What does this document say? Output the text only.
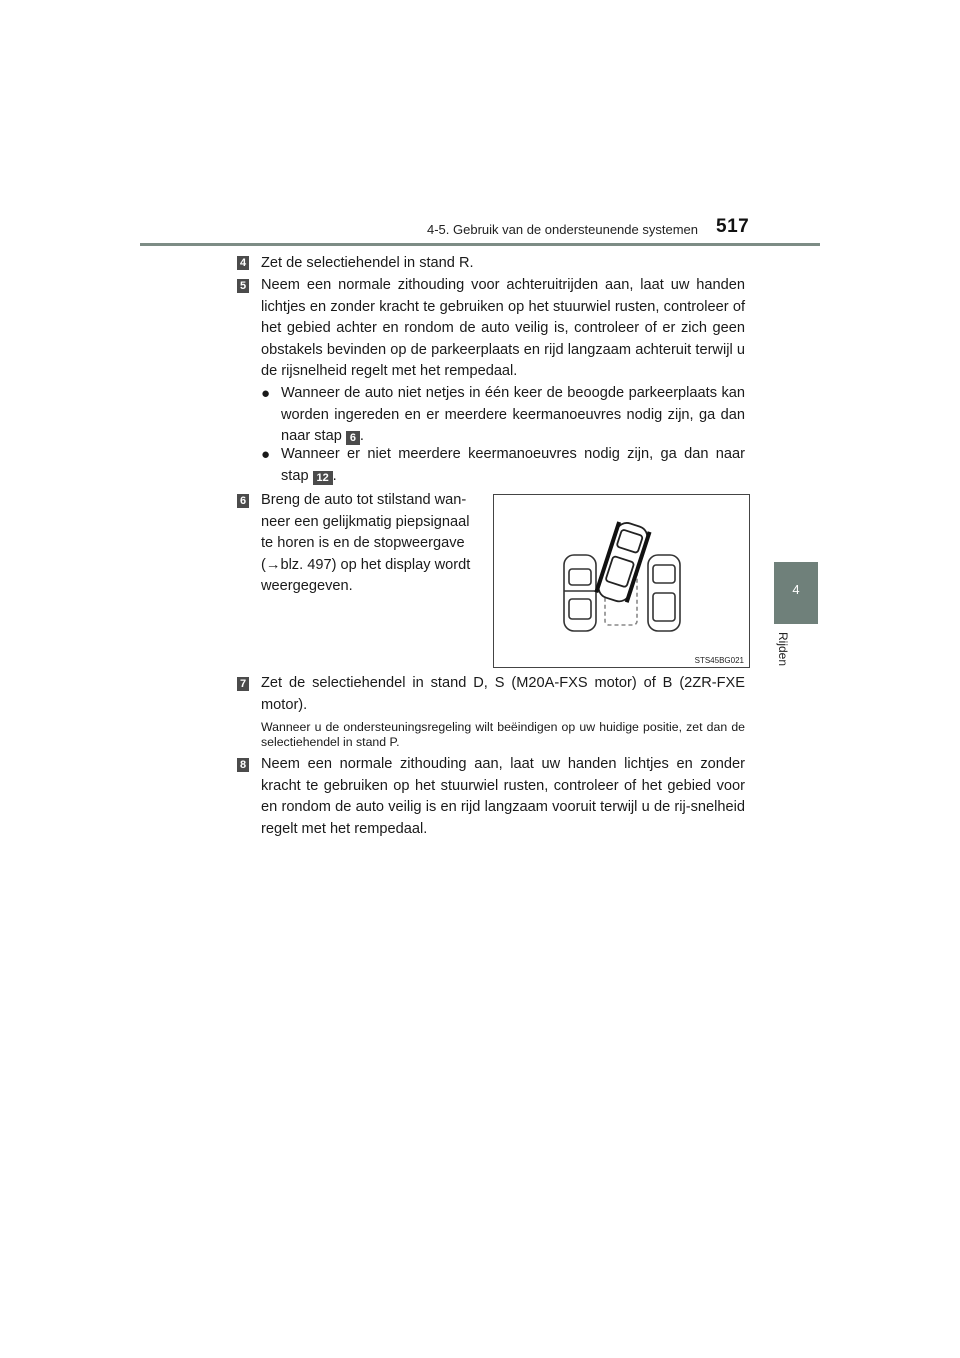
4-5. Gebruik van de ondersteunende systemen 517
4
Rijden
4 Zet de selectiehendel in stand R.
5 Neem een normale zithouding voor achteruitrijden aan, laat uw handen lichtjes en zonder kracht te gebruiken op het stuurwiel rusten, controleer of het gebied achter en rondom de auto veilig is, controleer of er zich geen obstakels bevinden op de parkeerplaats en rijd langzaam achteruit terwijl u de rijsnelheid regelt met het rempedaal.
● Wanneer de auto niet netjes in één keer de beoogde parkeerplaats kan worden ingereden en er meerdere keermanoeuvres nodig zijn, ga dan naar stap 6 .
● Wanneer er niet meerdere keermanoeuvres nodig zijn, ga dan naar stap 12 .
6 Breng de auto tot stilstand wan-
neer een gelijkmatig piepsignaal
te horen is en de stopweergave
(→blz. 497) op het display wordt
weergegeven.
STS45BG021
7 Zet de selectiehendel in stand D, S (M20A-FXS motor) of B (2ZR-FXE motor).
Wanneer u de ondersteuningsregeling wilt beëindigen op uw huidige positie, zet dan de selectiehendel in stand P.
8 Neem een normale zithouding aan, laat uw handen lichtjes en zonder kracht te gebruiken op het stuurwiel rusten, controleer of het gebied voor en rondom de auto veilig is en rijd langzaam vooruit terwijl u de rij-snelheid regelt met het rempedaal.
